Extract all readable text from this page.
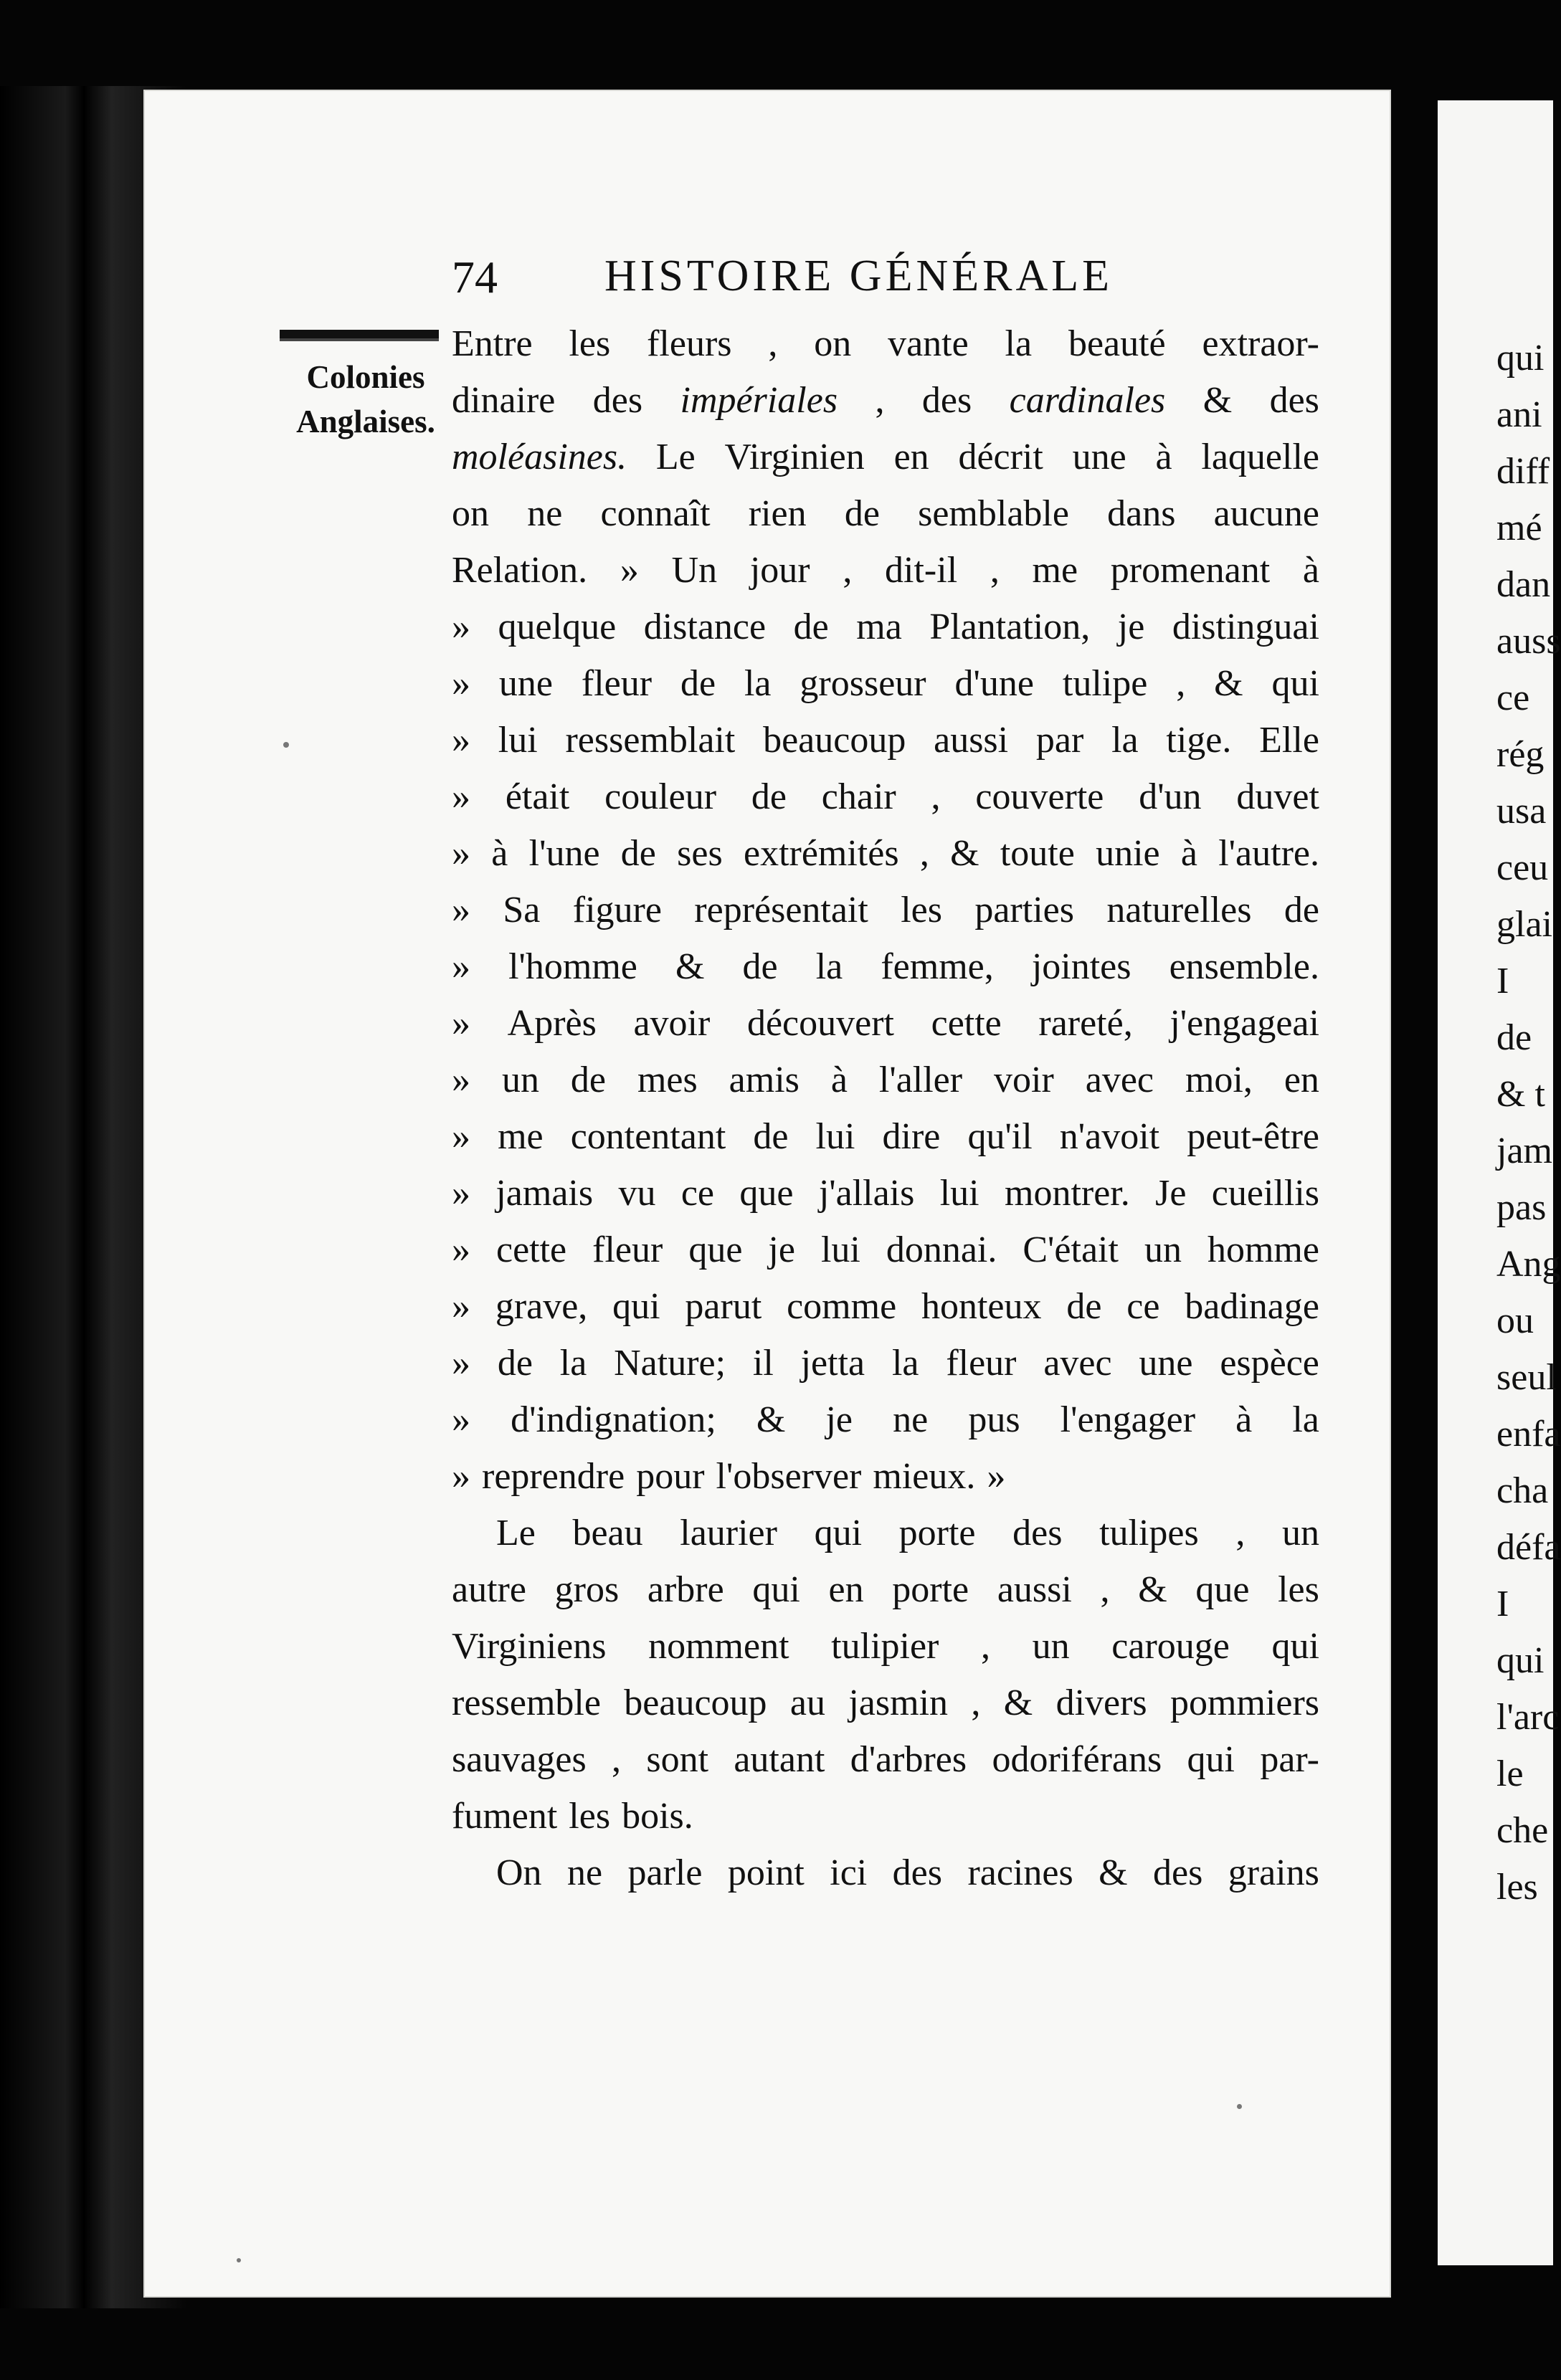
qui
ani
diff
mé
dan
auss
ce
rég
usa
ceu
glai
I
de
& t
jam
pas
Ang
ou
seul
enfa
cha
défa
I
qui
l'arc
le
che
les
74 HISTOIRE GÉNÉRALE
Colonies
Anglaises.
Entre les fleurs , on vante la beauté extraor-
dinaire des impériales , des cardinales & des
moléasines. Le Virginien en décrit une à laquelle
on ne connaît rien de semblable dans aucune
Relation. » Un jour , dit-il , me promenant à
» quelque distance de ma Plantation, je distinguai
» une fleur de la grosseur d'une tulipe , & qui
» lui ressemblait beaucoup aussi par la tige. Elle
» était couleur de chair , couverte d'un duvet
» à l'une de ses extrémités , & toute unie à l'autre.
» Sa figure représentait les parties naturelles de
» l'homme & de la femme, jointes ensemble.
» Après avoir découvert cette rareté, j'engageai
» un de mes amis à l'aller voir avec moi, en
» me contentant de lui dire qu'il n'avoit peut-être
» jamais vu ce que j'allais lui montrer. Je cueillis
» cette fleur que je lui donnai. C'était un homme
» grave, qui parut comme honteux de ce badinage
» de la Nature; il jetta la fleur avec une espèce
» d'indignation; & je ne pus l'engager à la
» reprendre pour l'observer mieux. »
Le beau laurier qui porte des tulipes , un
autre gros arbre qui en porte aussi , & que les
Virginiens nomment tulipier , un carouge qui
ressemble beaucoup au jasmin , & divers pommiers
sauvages , sont autant d'arbres odoriférans qui par-
fument les bois.
On ne parle point ici des racines & des grains
